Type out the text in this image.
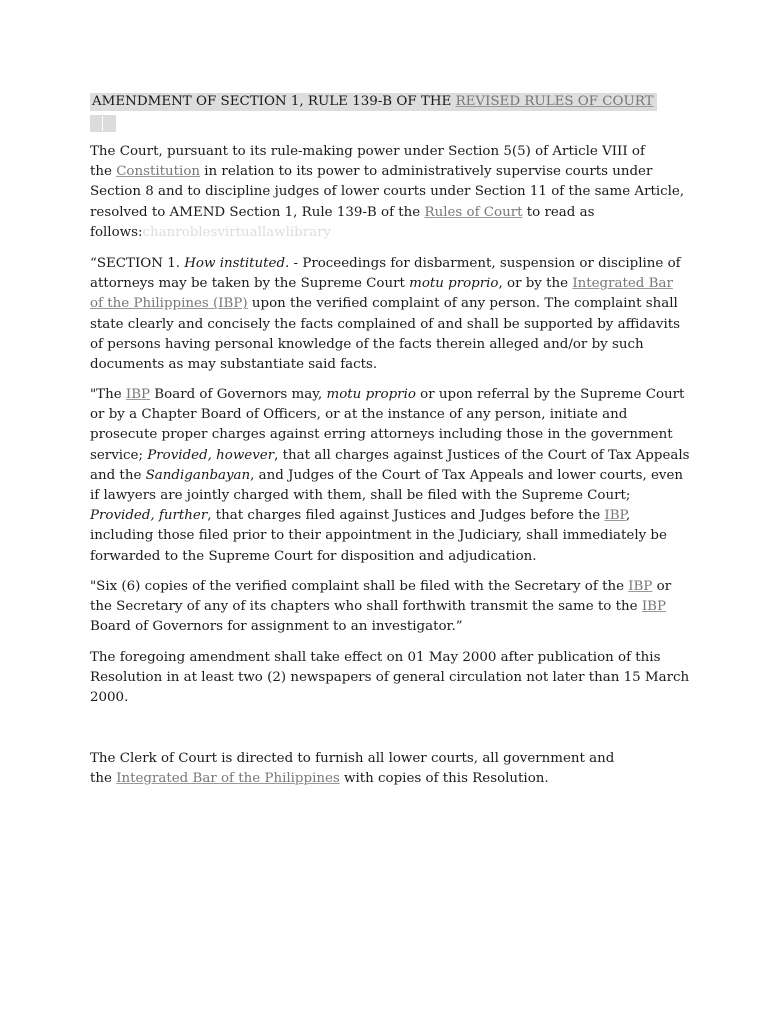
AMENDMENT OF SECTION 1, RULE 139-B OF THE REVISED RULES OF COURT

The Court, pursuant to its rule-making power under Section 5(5) of Article VIII of
the Constitution in relation to its power to administratively supervise courts under
Section 8 and to discipline judges of lower courts under Section 11 of the same Article,
resolved to AMEND Section 1, Rule 139-B of the Rules of Court to read as
follows:chanroblesvirtuallawlibrary

“SECTION 1. How instituted. - Proceedings for disbarment, suspension or discipline of attorneys may be taken by the Supreme Court motu proprio, or by the Integrated Bar of the Philippines (IBP) upon the verified complaint of any person. The complaint shall state clearly and concisely the facts complained of and shall be supported by affidavits of persons having personal knowledge of the facts therein alleged and/or by such documents as may substantiate said facts.

"The IBP Board of Governors may, motu proprio or upon referral by the Supreme Court or by a Chapter Board of Officers, or at the instance of any person, initiate and prosecute proper charges against erring attorneys including those in the government service; Provided, however, that all charges against Justices of the Court of Tax Appeals and the Sandiganbayan, and Judges of the Court of Tax Appeals and lower courts, even if lawyers are jointly charged with them, shall be filed with the Supreme Court; Provided, further, that charges filed against Justices and Judges before the IBP, including those filed prior to their appointment in the Judiciary, shall immediately be forwarded to the Supreme Court for disposition and adjudication.

"Six (6) copies of the verified complaint shall be filed with the Secretary of the IBP or the Secretary of any of its chapters who shall forthwith transmit the same to the IBP Board of Governors for assignment to an investigator.”

The foregoing amendment shall take effect on 01 May 2000 after publication of this Resolution in at least two (2) newspapers of general circulation not later than 15 March 2000.

The Clerk of Court is directed to furnish all lower courts, all government and
the Integrated Bar of the Philippines with copies of this Resolution.
